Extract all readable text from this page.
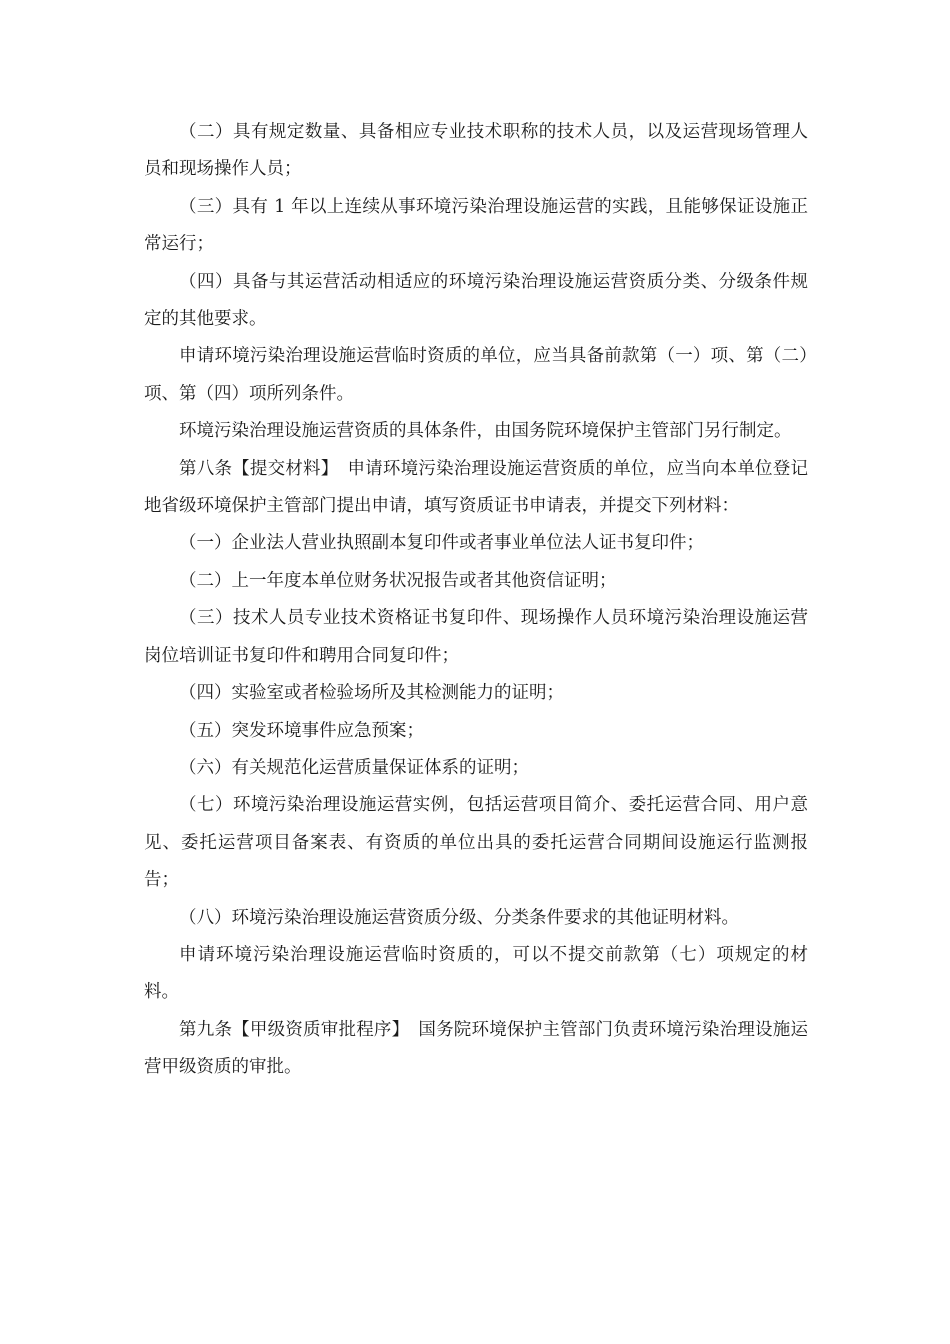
（二）具有规定数量、具备相应专业技术职称的技术人员，以及运营现场管理人员和现场操作人员；

（三）具有 1 年以上连续从事环境污染治理设施运营的实践，且能够保证设施正常运行；

（四）具备与其运营活动相适应的环境污染治理设施运营资质分类、分级条件规定的其他要求。

申请环境污染治理设施运营临时资质的单位，应当具备前款第（一）项、第（二）项、第（四）项所列条件。

环境污染治理设施运营资质的具体条件，由国务院环境保护主管部门另行制定。

第八条【提交材料】　申请环境污染治理设施运营资质的单位，应当向本单位登记地省级环境保护主管部门提出申请，填写资质证书申请表，并提交下列材料：

（一）企业法人营业执照副本复印件或者事业单位法人证书复印件；

（二）上一年度本单位财务状况报告或者其他资信证明；

（三）技术人员专业技术资格证书复印件、现场操作人员环境污染治理设施运营岗位培训证书复印件和聘用合同复印件；

（四）实验室或者检验场所及其检测能力的证明；

（五）突发环境事件应急预案；

（六）有关规范化运营质量保证体系的证明；

（七）环境污染治理设施运营实例，包括运营项目简介、委托运营合同、用户意见、委托运营项目备案表、有资质的单位出具的委托运营合同期间设施运行监测报告；

（八）环境污染治理设施运营资质分级、分类条件要求的其他证明材料。

申请环境污染治理设施运营临时资质的，可以不提交前款第（七）项规定的材料。

第九条【甲级资质审批程序】　国务院环境保护主管部门负责环境污染治理设施运营甲级资质的审批。
